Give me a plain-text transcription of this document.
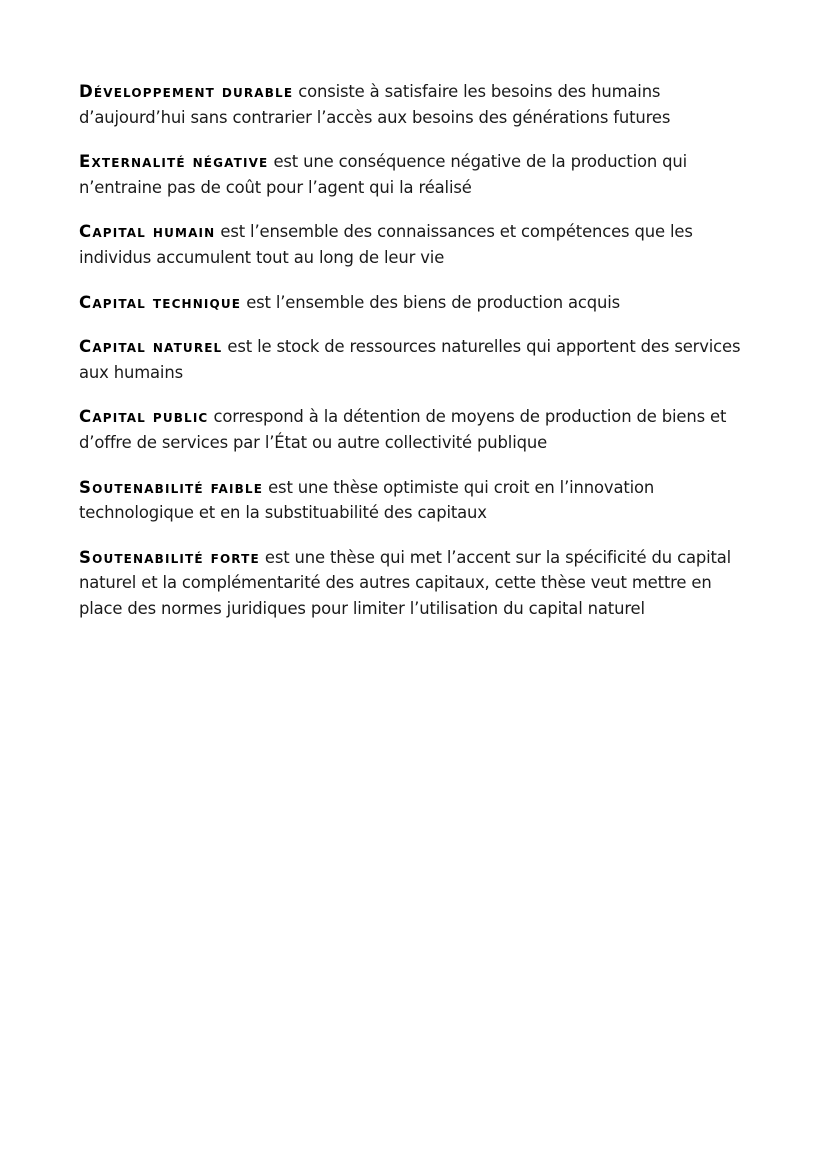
Développement durable consiste à satisfaire les besoins des humains d’aujourd’hui sans contrarier l’accès aux besoins des générations futures

Externalité négative est une conséquence négative de la production qui n’entraine pas de coût pour l’agent qui la réalisé

Capital humain est l’ensemble des connaissances et compétences que les individus accumulent tout au long de leur vie

Capital technique est l’ensemble des biens de production acquis

Capital naturel est le stock de ressources naturelles qui apportent des services aux humains

Capital public correspond à la détention de moyens de production de biens et d’offre de services par l’État ou autre collectivité publique

Soutenabilité faible est une thèse optimiste qui croit en l’innovation technologique et en la substituabilité des capitaux

Soutenabilité forte est une thèse qui met l’accent sur la spécificité du capital naturel et la complémentarité des autres capitaux, cette thèse veut mettre en place des normes juridiques pour limiter l’utilisation du capital naturel
